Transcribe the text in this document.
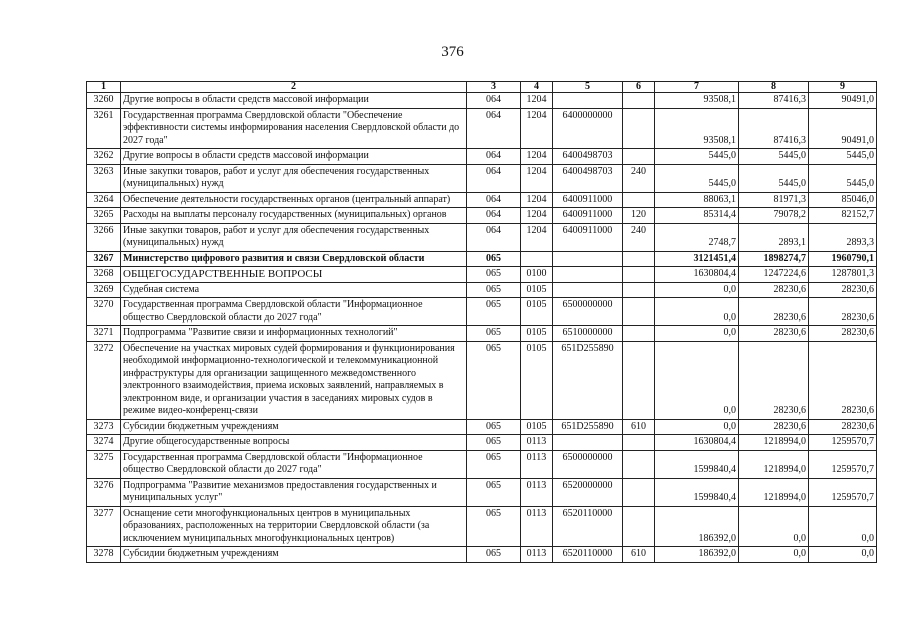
376
1	2	3	4	5	6	7	8	9
3260	Другие вопросы в области средств массовой информации	064	1204			93508,1	87416,3	90491,0
3261	Государственная программа Свердловской области "Обеспечение эффективности системы информирования населения Свердловской области до 2027 года"	064	1204	6400000000		93508,1	87416,3	90491,0
3262	Другие вопросы в области средств массовой информации	064	1204	6400498703		5445,0	5445,0	5445,0
3263	Иные закупки товаров, работ и услуг для обеспечения государственных (муниципальных) нужд	064	1204	6400498703	240	5445,0	5445,0	5445,0
3264	Обеспечение деятельности государственных органов (центральный аппарат)	064	1204	6400911000		88063,1	81971,3	85046,0
3265	Расходы на выплаты персоналу государственных (муниципальных) органов	064	1204	6400911000	120	85314,4	79078,2	82152,7
3266	Иные закупки товаров, работ и услуг для обеспечения государственных (муниципальных) нужд	064	1204	6400911000	240	2748,7	2893,1	2893,3
3267	Министерство цифрового развития и связи Свердловской области	065				3121451,4	1898274,7	1960790,1
3268	ОБЩЕГОСУДАРСТВЕННЫЕ ВОПРОСЫ	065	0100			1630804,4	1247224,6	1287801,3
3269	Судебная система	065	0105			0,0	28230,6	28230,6
3270	Государственная программа Свердловской области "Информационное общество Свердловской области до 2027 года"	065	0105	6500000000		0,0	28230,6	28230,6
3271	Подпрограмма "Развитие связи и информационных технологий"	065	0105	6510000000		0,0	28230,6	28230,6
3272	Обеспечение на участках мировых судей формирования и функционирования необходимой информационно-технологической и телекоммуникационной инфраструктуры для организации защищенного межведомственного электронного взаимодействия, приема исковых заявлений, направляемых в электронном виде, и организации участия в заседаниях мировых судов в режиме видео-конференц-связи	065	0105	651D255890		0,0	28230,6	28230,6
3273	Субсидии бюджетным учреждениям	065	0105	651D255890	610	0,0	28230,6	28230,6
3274	Другие общегосударственные вопросы	065	0113			1630804,4	1218994,0	1259570,7
3275	Государственная программа Свердловской области "Информационное общество Свердловской области до 2027 года"	065	0113	6500000000		1599840,4	1218994,0	1259570,7
3276	Подпрограмма "Развитие механизмов предоставления государственных и муниципальных услуг"	065	0113	6520000000		1599840,4	1218994,0	1259570,7
3277	Оснащение сети многофункциональных центров в муниципальных образованиях, расположенных на территории Свердловской области (за исключением муниципальных многофункциональных центров)	065	0113	6520110000		186392,0	0,0	0,0
3278	Субсидии бюджетным учреждениям	065	0113	6520110000	610	186392,0	0,0	0,0
